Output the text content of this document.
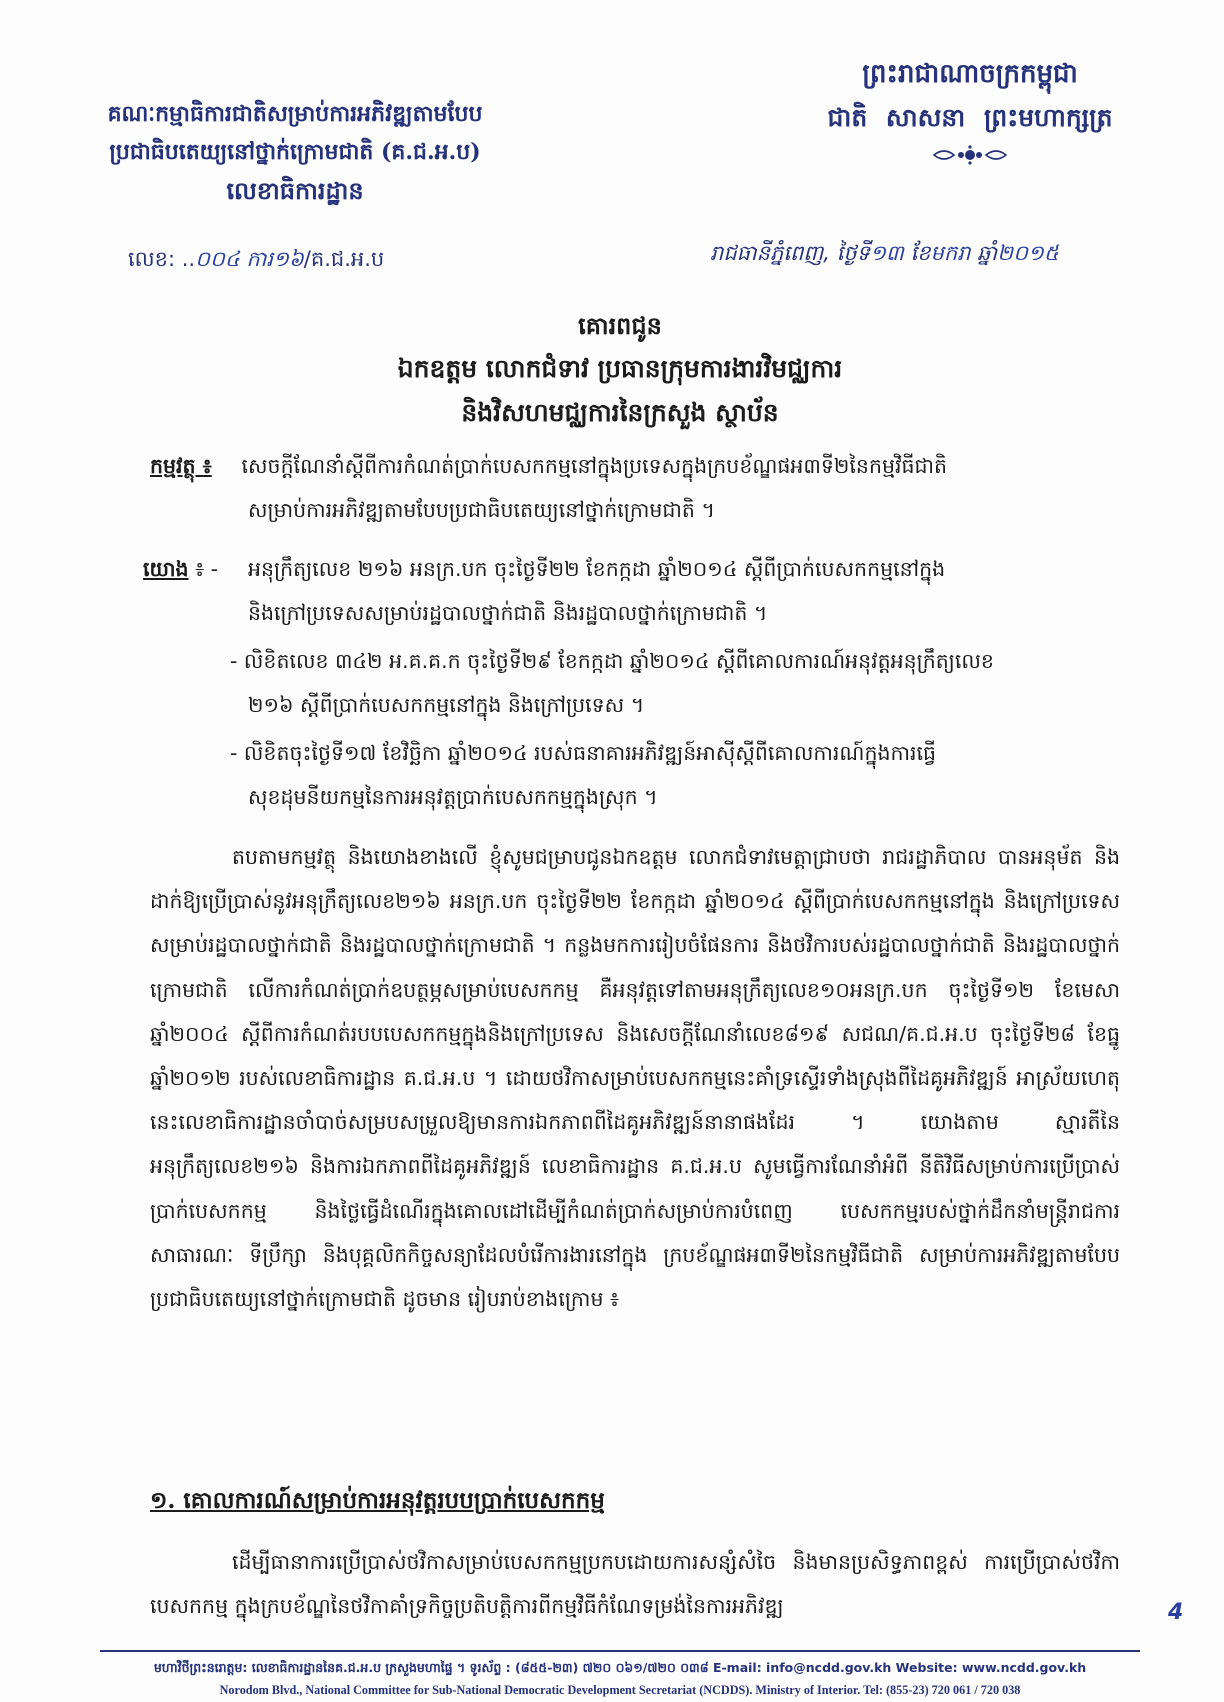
គណៈកម្មាធិការជាតិសម្រាប់ការអភិវឌ្ឍតាមបែប
ប្រជាធិបតេយ្យនៅថ្នាក់ក្រោមជាតិ (គ.ជ.អ.ប)
លេខាធិការដ្ឋាន
ព្រះរាជាណាចក្រកម្ពុជា
ជាតិ សាសនា ព្រះមហាក្សត្រ
លេខ: ..០០៤ ការ១៦/គ.ជ.អ.ប	រាជធានីភ្នំពេញ, ថ្ងៃទី១៣ ខែមករា ឆ្នាំ២០១៥
គោរពជូន
ឯកឧត្តម លោកជំទាវ ប្រធានក្រុមការងារវិមជ្ឈការ
និងវិសហមជ្ឈការនៃក្រសួង ស្ថាប័ន
កម្មវត្ថុ ៖ សេចក្តីណែនាំស្តីពីការកំណត់ប្រាក់បេសកកម្មនៅក្នុងប្រទេសក្នុងក្របខ័ណ្ឌផអ៣ទី២នៃកម្មវិធីជាតិ
សម្រាប់ការអភិវឌ្ឍតាមបែបប្រជាធិបតេយ្យនៅថ្នាក់ក្រោមជាតិ ។
យោង ៖ -	អនុក្រឹត្យលេខ ២១៦ អនក្រ.បក ចុះថ្ងៃទី២២ ខែកក្កដា ឆ្នាំ២០១៤ ស្តីពីប្រាក់បេសកកម្មនៅក្នុង
និងក្រៅប្រទេសសម្រាប់រដ្ឋបាលថ្នាក់ជាតិ និងរដ្ឋបាលថ្នាក់ក្រោមជាតិ ។
- លិខិតលេខ ៣៤២ អ.គ.គ.ក ចុះថ្ងៃទី២៩ ខែកក្កដា ឆ្នាំ២០១៤ ស្តីពីគោលការណ៍អនុវត្តអនុក្រឹត្យលេខ
២១៦ ស្តីពីប្រាក់បេសកកម្មនៅក្នុង និងក្រៅប្រទេស ។
- លិខិតចុះថ្ងៃទី១៧ ខែវិច្ឆិកា ឆ្នាំ២០១៤ របស់ធនាគារអភិវឌ្ឍន៍អាស៊ីស្តីពីគោលការណ៍ក្នុងការធ្វើ
សុខដុមនីយកម្មនៃការអនុវត្តប្រាក់បេសកកម្មក្នុងស្រុក ។
តបតាមកម្មវត្ថុ និងយោងខាងលើ ខ្ញុំសូមជម្រាបជូនឯកឧត្តម លោកជំទាវមេត្តាជ្រាបថា រាជរដ្ឋាភិបាល បានអនុម័ត និងដាក់ឱ្យប្រើប្រាស់នូវអនុក្រឹត្យលេខ២១៦ អនក្រ.បក ចុះថ្ងៃទី២២ ខែកក្កដា ឆ្នាំ២០១៤ ស្តីពីប្រាក់បេសកកម្មនៅក្នុង និងក្រៅប្រទេសសម្រាប់រដ្ឋបាលថ្នាក់ជាតិ និងរដ្ឋបាលថ្នាក់ក្រោមជាតិ ។ កន្លងមកការរៀបចំផែនការ និងថវិការបស់រដ្ឋបាលថ្នាក់ជាតិ និងរដ្ឋបាលថ្នាក់ក្រោមជាតិ លើការកំណត់ប្រាក់ឧបត្ថម្ភសម្រាប់បេសកកម្ម គឺអនុវត្តទៅតាមអនុក្រឹត្យលេខ១០អនក្រ.បក ចុះថ្ងៃទី១២ ខែមេសា ឆ្នាំ២០០៤ ស្តីពីការកំណត់របបបេសកកម្មក្នុងនិងក្រៅប្រទេស និងសេចក្តីណែនាំលេខ៨១៩ សជណ/គ.ជ.អ.ប ចុះថ្ងៃទី២៨ ខែធ្នូ ឆ្នាំ២០១២ របស់លេខាធិការដ្ឋាន គ.ជ.អ.ប ។ ដោយថវិកាសម្រាប់បេសកកម្មនេះគាំទ្រស្ទើរទាំងស្រុងពីដៃគូអភិវឌ្ឍន៍ អាស្រ័យហេតុនេះលេខាធិការដ្ឋានចាំបាច់សម្របសម្រួលឱ្យមានការឯកភាពពីដៃគូអភិវឌ្ឍន៍នានាផងដែរ ។ យោងតាម ស្មារតីនៃអនុក្រឹត្យលេខ២១៦ និងការឯកភាពពីដៃគូអភិវឌ្ឍន៍ លេខាធិការដ្ឋាន គ.ជ.អ.ប សូមធ្វើការណែនាំអំពី នីតិវិធីសម្រាប់ការប្រើប្រាស់ប្រាក់បេសកកម្ម និងថ្លៃធ្វើដំណើរក្នុងគោលដៅដើម្បីកំណត់ប្រាក់សម្រាប់ការបំពេញ បេសកកម្មរបស់ថ្នាក់ដឹកនាំមន្ត្រីរាជការសាធារណៈ ទីប្រឹក្សា និងបុគ្គលិកកិច្ចសន្យាដែលបំរើការងារនៅក្នុង ក្របខ័ណ្ឌផអ៣ទី២នៃកម្មវិធីជាតិ សម្រាប់ការអភិវឌ្ឍតាមបែបប្រជាធិបតេយ្យនៅថ្នាក់ក្រោមជាតិ ដូចមាន រៀបរាប់ខាងក្រោម ៖
១. គោលការណ៍សម្រាប់ការអនុវត្តរបបប្រាក់បេសកកម្ម
ដើម្បីធានាការប្រើប្រាស់ថវិកាសម្រាប់បេសកកម្មប្រកបដោយការសន្សំសំចៃ និងមានប្រសិទ្ធភាពខ្ពស់ ការប្រើប្រាស់ថវិកាបេសកកម្ម ក្នុងក្របខ័ណ្ឌនៃថវិកាគាំទ្រកិច្ចប្រតិបត្តិការពីកម្មវិធីកំណែទម្រង់នៃការអភិវឌ្ឍ	4
មហាវិថីព្រះនរោត្តម: លេខាធិការដ្ឋាននៃគ.ជ.អ.ប ក្រសួងមហាផ្ទៃ ។ ទូរស័ព្ទ : (៨៥៥-២៣) ៧២០ ០៦១/៧២០ ០៣៨ E-mail: info@ncdd.gov.kh Website: www.ncdd.gov.kh
Norodom Blvd., National Committee for Sub-National Democratic Development Secretariat (NCDDS). Ministry of Interior. Tel: (855-23) 720 061 / 720 038
